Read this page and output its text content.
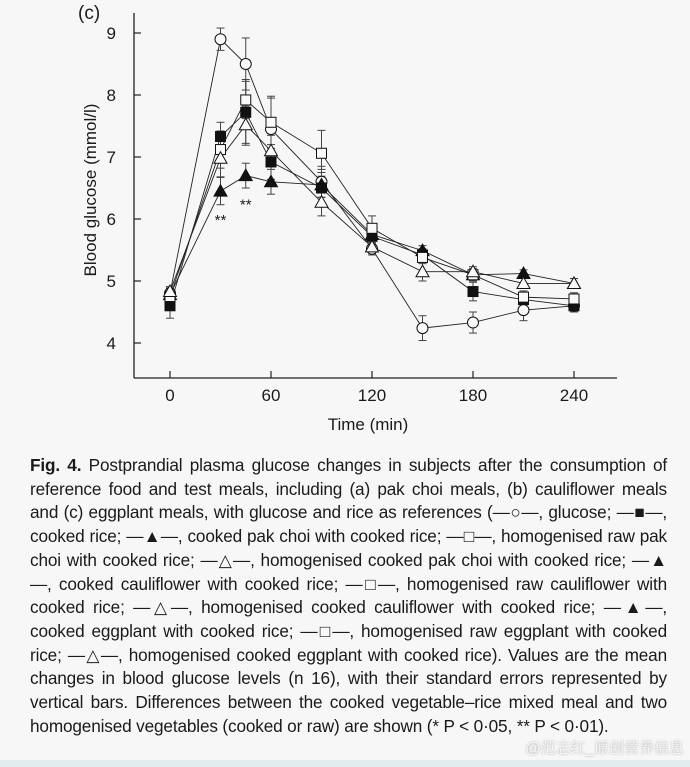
(c)
4
5
6
7
8
9
0	60	120	180	240
**
**
Time (min)
Blood glucose (mmol/l)
Fig. 4. Postprandial plasma glucose changes in subjects after the consumption of reference food and test meals, including (a) pak choi meals, (b) cauliflower meals and (c) eggplant meals, with glucose and rice as references (—○—, glucose; —■—, cooked rice; —▲—, cooked pak choi with cooked rice; —□—, homogenised raw pak choi with cooked rice; —△—, homogenised cooked pak choi with cooked rice; —▲—, cooked cauliflower with cooked rice; —□—, homogenised raw cauliflower with cooked rice; —△—, homogenised cooked cauliflower with cooked rice; —▲—, cooked eggplant with cooked rice; —□—, homogenised raw eggplant with cooked rice; —△—, homogenised cooked eggplant with cooked rice). Values are the mean changes in blood glucose levels (n 16), with their standard errors represented by vertical bars. Differences between the cooked vegetable–rice mixed meal and two homogenised vegetables (cooked or raw) are shown (* P < 0·05, ** P < 0·01).
@范志红_原创营养信息
